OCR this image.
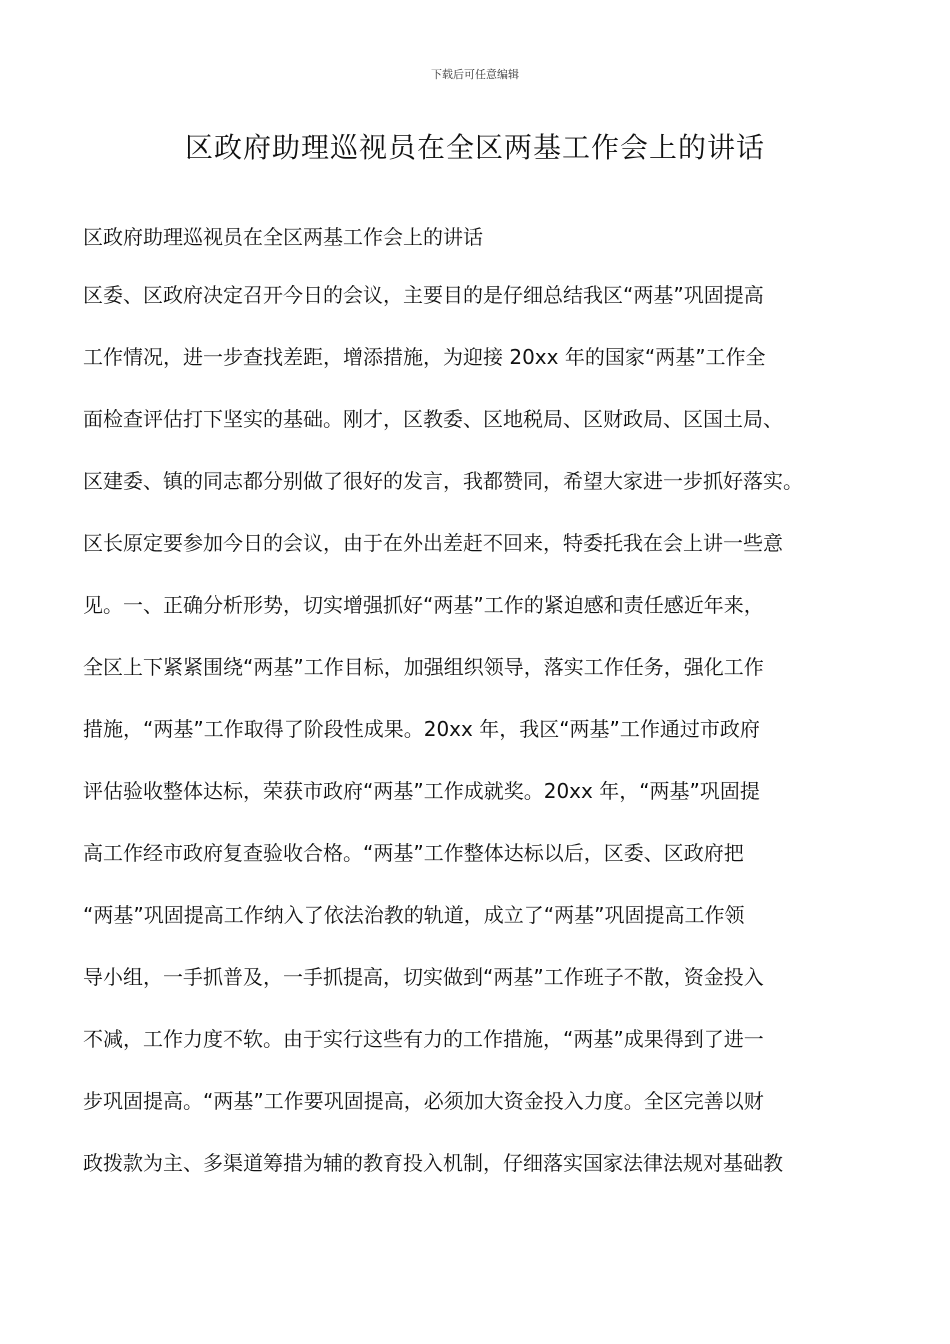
下载后可任意编辑
区政府助理巡视员在全区两基工作会上的讲话
区政府助理巡视员在全区两基工作会上的讲话
区委、区政府决定召开今日的会议，主要目的是仔细总结我区“两基”巩固提高
工作情况，进一步查找差距，增添措施，为迎接 20xx 年的国家“两基”工作全
面检查评估打下坚实的基础。刚才，区教委、区地税局、区财政局、区国土局、
区建委、镇的同志都分别做了很好的发言，我都赞同，希望大家进一步抓好落实。
区长原定要参加今日的会议，由于在外出差赶不回来，特委托我在会上讲一些意
见。一、正确分析形势，切实增强抓好“两基”工作的紧迫感和责任感近年来，
全区上下紧紧围绕“两基”工作目标，加强组织领导，落实工作任务，强化工作
措施，“两基”工作取得了阶段性成果。20xx 年，我区“两基”工作通过市政府
评估验收整体达标，荣获市政府“两基”工作成就奖。20xx 年，“两基”巩固提
高工作经市政府复查验收合格。“两基”工作整体达标以后，区委、区政府把
“两基”巩固提高工作纳入了依法治教的轨道，成立了“两基”巩固提高工作领
导小组，一手抓普及，一手抓提高，切实做到“两基”工作班子不散，资金投入
不减，工作力度不软。由于实行这些有力的工作措施，“两基”成果得到了进一
步巩固提高。“两基”工作要巩固提高，必须加大资金投入力度。全区完善以财
政拨款为主、多渠道筹措为辅的教育投入机制，仔细落实国家法律法规对基础教
